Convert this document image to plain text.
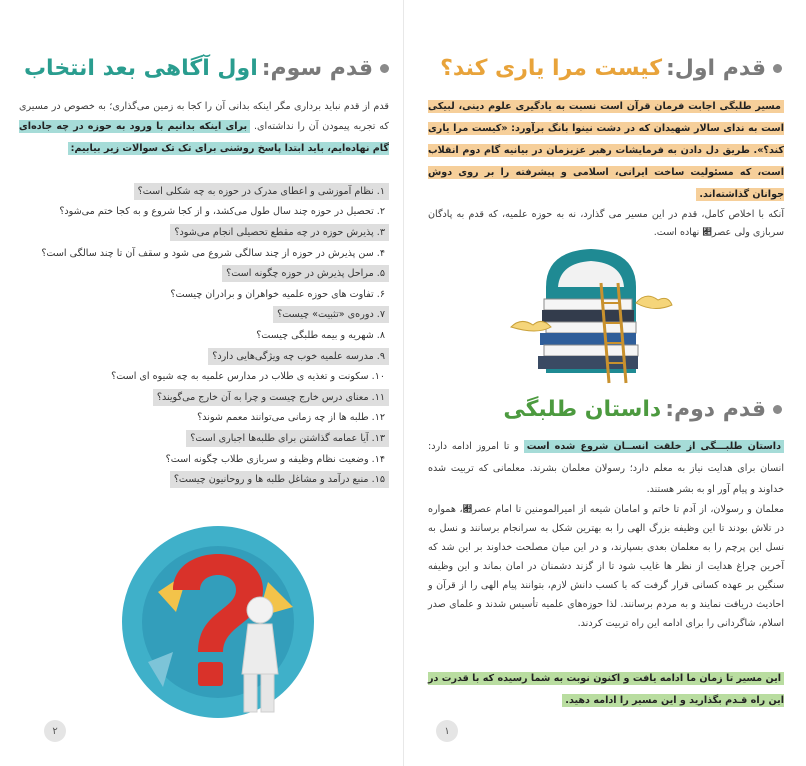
قدم سوم:
اول آگاهی بعد انتخاب
قدم از قدم نباید برداری مگر اینکه بدانی آن را کجا به زمین می‌گذاری؛ به خصوص در مسیری که تجربه پیمودن آن را نداشته‌ای. برای اینکه بدانیم با ورود به حوزه در چه جاده‌ای گام نهاده‌ایم، باید ابتدا پاسخ روشنی برای تک تک سوالات زیر بیابیم:
۱. نظام آموزشی و اعطای مدرک در حوزه به چه شکلی است؟
۲. تحصیل در حوزه چند سال طول می‌کشد، و از کجا شروع و به کجا ختم می‌شود؟
۳. پذیرش حوزه در چه مقطع تحصیلی انجام می‌شود؟
۴. سن پذیرش در حوزه از چند سالگی شروع می شود و سقف آن تا چند سالگی است؟
۵. مراحل پذیرش در حوزه چگونه است؟
۶. تفاوت های حوزه علمیه خواهران و برادران چیست؟
۷. دوره‌ی «تثبیت» چیست؟
۸. شهریه و بیمه طلبگی چیست؟
۹. مدرسه علمیه خوب چه ویژگی‌هایی دارد؟
۱۰. سکونت و تغذیه ی طلاب در مدارس علمیه به چه شیوه ای است؟
۱۱. معنای درس خارج چیست و چرا به آن خارج می‌گویند؟
۱۲. طلبه ها از چه زمانی می‌توانند معمم شوند؟
۱۳. آیا عمامه گذاشتن برای طلبه‌ها اجباری است؟
۱۴. وضعیت نظام وظیفه و سربازی طلاب چگونه است؟
۱۵. منبع درآمد و مشاغل طلبه ها و روحانیون چیست؟
۲
قدم اول:
کیست مرا یاری کند؟
مسیر طلبگی اجابت فرمان قرآن است نسبت به یادگیری علوم دینی، لبیکی است به ندای سالار شهیدان که در دشت نینوا بانگ برآورد: «کیست مرا یاری کند؟». طریق دل دادن به فرمایشات رهبر عزیزمان در بیانیه گام دوم انقلاب است، که مسئولیت ساخت ایرانی، اسلامی و پیشرفته را بر روی دوش جوانان گذاشته‌اند.
آنکه با اخلاص کامل، قدم در این مسیر می گذارد، نه به حوزه علمیه، که قدم به پادگان سربازی ولی عصر﷊ نهاده است.
قدم دوم:
داستان طلبگی
داستان طلبـــگی از خلقت انســان شروع شده است و تا امروز ادامه دارد: انسان برای هدایت نیاز به معلم دارد؛ رسولان معلمان بشرند. معلمانی که تربیت شده خداوند و پیام آور او به بشر هستند.
معلمان و رسولان، از آدم تا خاتم و امامان شیعه از امیرالمومنین تا امام عصر﷊، همواره در تلاش بودند تا این وظیفه بزرگ الهی را به بهترین شکل به سرانجام برسانند و نسل به نسل این پرچم را به معلمان بعدی بسپارند، و در این میان مصلحت خداوند بر این شد که آخرین چراغ هدایت از نظر ها غایب شود تا از گزند دشمنان در امان بماند و این وظیفه سنگین بر عهده کسانی قرار گرفت که با کسب دانش لازم، بتوانند پیام الهی را از قرآن و احادیث دریافت نمایند و به مردم برسانند. لذا حوزه‌های علمیه تأسیس شدند و علمای صدر اسلام، شاگردانی را برای ادامه این راه تربیت کردند.
این مسیر تا زمان ما ادامه یافت و اکنون نوبت به شما رسیده که با قدرت در این راه قـدم بگذارید و این مسیر را ادامه دهید.
۱
